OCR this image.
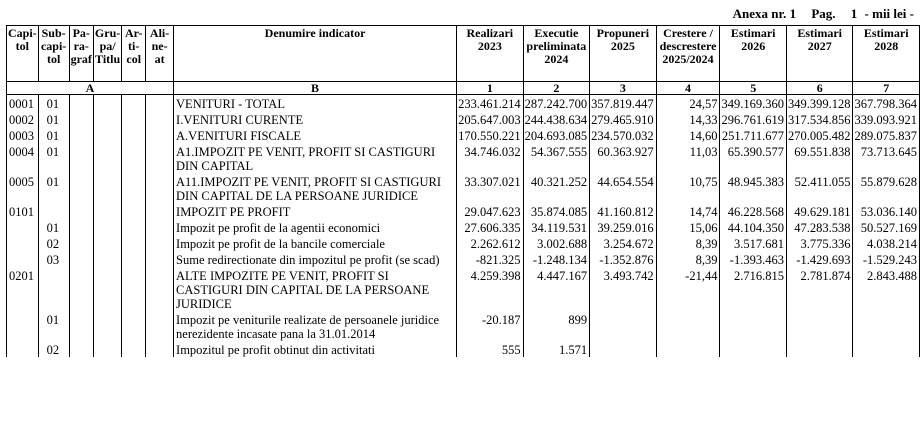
Anexa nr. 1 Pag. 1 - mii lei -
Capi-
tol	Sub-
capi-
tol	Pa-
ra-
graf	Gru-
pa/
Titlu	Ar-
ti-
col	Ali-
ne-
at	Denumire indicator	Realizari
2023	Executie
preliminata
2024	Propuneri
2025	Crestere /
descrestere
2025/2024	Estimari
2026	Estimari
2027	Estimari
2028
A						B	1	2	3	4	5	6	7
0001	01					VENITURI - TOTAL	233.461.214	287.242.700	357.819.447	24,57	349.169.360	349.399.128	367.798.364
0002	01					I.VENITURI CURENTE	205.647.003	244.438.634	279.465.910	14,33	296.761.619	317.534.856	339.093.921
0003	01					A.VENITURI FISCALE	170.550.221	204.693.085	234.570.032	14,60	251.711.677	270.005.482	289.075.837
0004	01					A1.IMPOZIT PE VENIT, PROFIT SI CASTIGURI DIN CAPITAL	34.746.032	54.367.555	60.363.927	11,03	65.390.577	69.551.838	73.713.645
0005	01					A11.IMPOZIT PE VENIT, PROFIT SI CASTIGURI DIN CAPITAL DE LA PERSOANE JURIDICE	33.307.021	40.321.252	44.654.554	10,75	48.945.383	52.411.055	55.879.628
0101						IMPOZIT PE PROFIT	29.047.623	35.874.085	41.160.812	14,74	46.228.568	49.629.181	53.036.140
	01					Impozit pe profit de la agentii economici	27.606.335	34.119.531	39.259.016	15,06	44.104.350	47.283.538	50.527.169
	02					Impozit pe profit de la bancile comerciale	2.262.612	3.002.688	3.254.672	8,39	3.517.681	3.775.336	4.038.214
	03					Sume redirectionate din impozitul pe profit (se scad)	-821.325	-1.248.134	-1.352.876	8,39	-1.393.463	-1.429.693	-1.529.243
0201						ALTE IMPOZITE PE VENIT, PROFIT SI CASTIGURI DIN CAPITAL DE LA PERSOANE JURIDICE	4.259.398	4.447.167	3.493.742	-21,44	2.716.815	2.781.874	2.843.488
	01					Impozit pe veniturile realizate de persoanele juridice nerezidente incasate pana la 31.01.2014	-20.187	899					
	02					Impozitul pe profit obtinut din activitati	555	1.571					
